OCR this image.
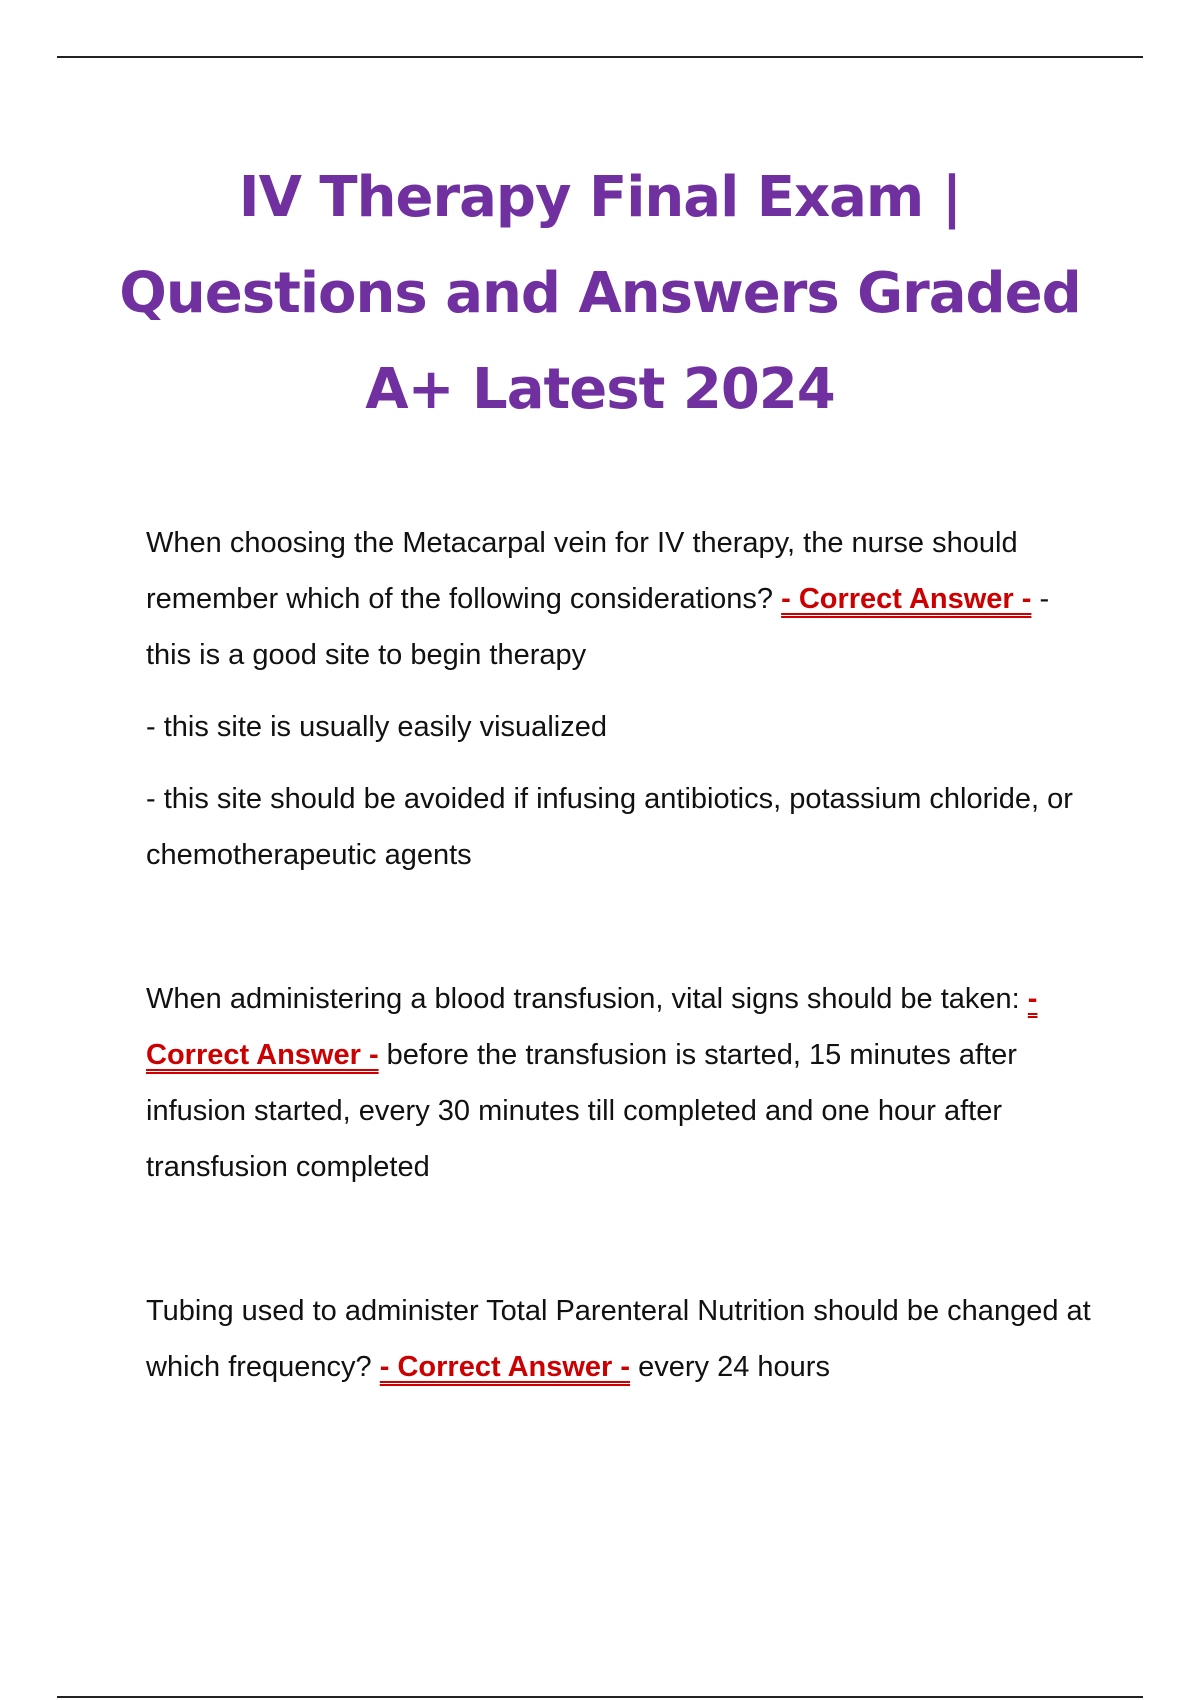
IV Therapy Final Exam | Questions and Answers Graded A+ Latest 2024

When choosing the Metacarpal vein for IV therapy, the nurse should remember which of the following considerations? - Correct Answer - - this is a good site to begin therapy

- this site is usually easily visualized

- this site should be avoided if infusing antibiotics, potassium chloride, or chemotherapeutic agents

When administering a blood transfusion, vital signs should be taken: - Correct Answer - before the transfusion is started, 15 minutes after infusion started, every 30 minutes till completed and one hour after transfusion completed

Tubing used to administer Total Parenteral Nutrition should be changed at which frequency? - Correct Answer - every 24 hours
